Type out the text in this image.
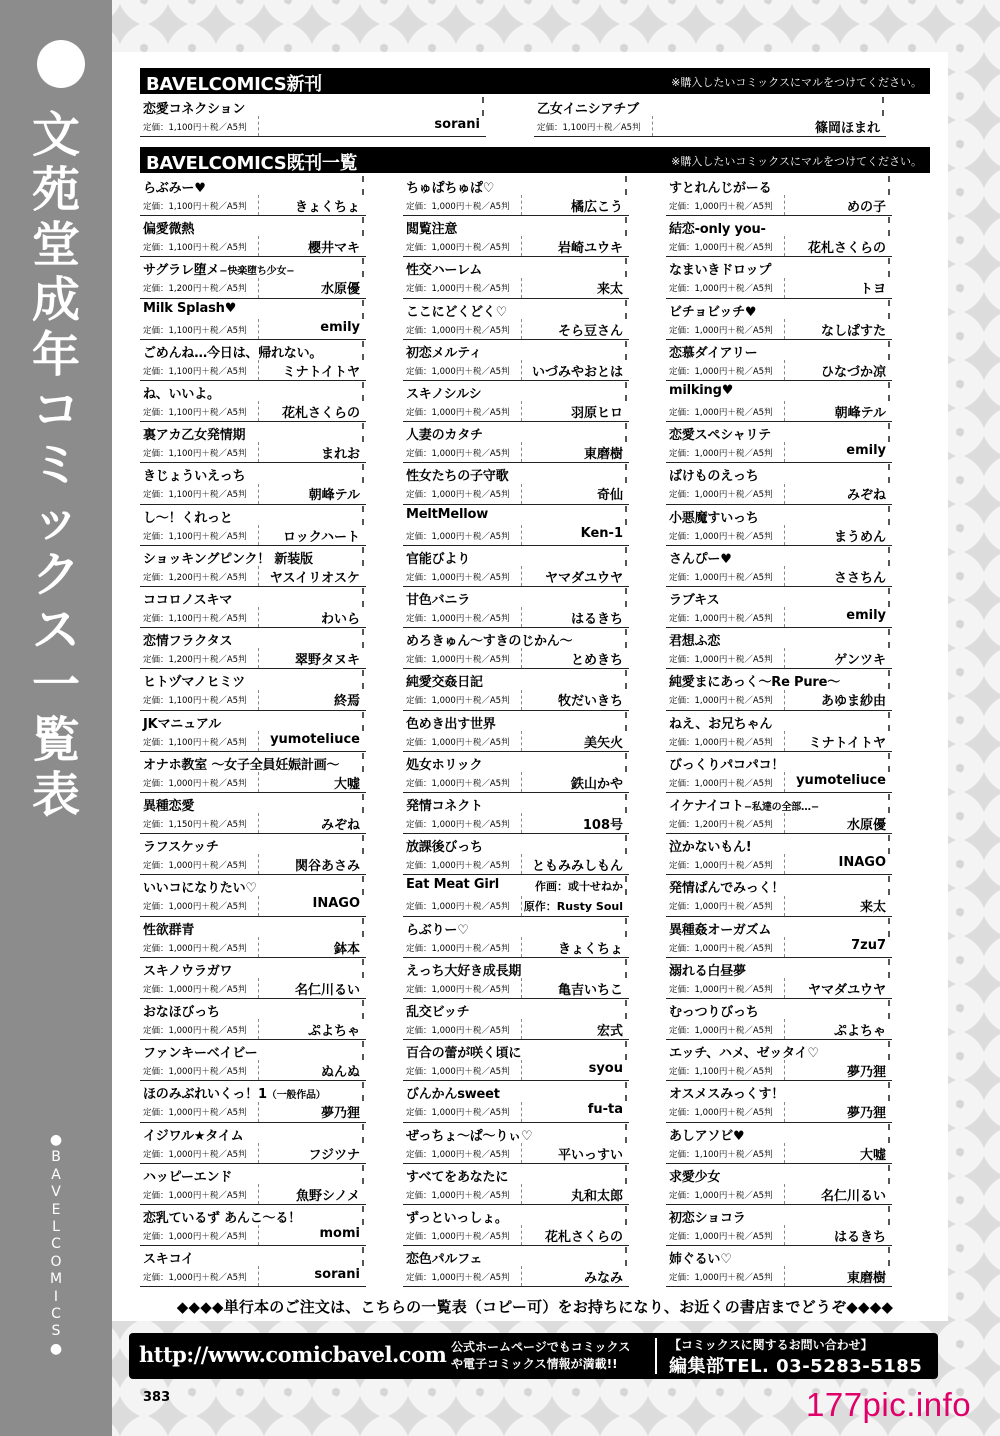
文
苑
堂
成
年
コ
ミ
ッ
ク
ス
一
覧
表
●
B
A
V
E
L
C
O
M
I
C
S
●
BAVELCOMICS新刊	※購入したいコミックスにマルをつけてください。
恋愛コネクション
定価：1,100円＋税／A5判	sorani
乙女イニシアチブ
定価：1,100円＋税／A5判	篠岡ほまれ
BAVELCOMICS既刊一覧	※購入したいコミックスにマルをつけてください。
らぶみー♥
定価：1,100円＋税／A5判	きょくちょ
偏愛微熱
定価：1,100円＋税／A5判	櫻井マキ
サグラレ堕メ−快楽堕ち少女−
定価：1,200円＋税／A5判	水原優
Milk Splash♥
定価：1,100円＋税／A5判	emily
ごめんね…今日は、帰れない。
定価：1,100円＋税／A5判	ミナトイトヤ
ね、いいよ。
定価：1,100円＋税／A5判	花札さくらの
裏アカ乙女発情期
定価：1,100円＋税／A5判	まれお
きじょういえっち
定価：1,100円＋税／A5判	朝峰テル
し〜！くれっと
定価：1,100円＋税／A5判	ロックハート
ショッキングピンク！ 新装版
定価：1,200円＋税／A5判 ヤスイリオスケ
ココロノスキマ
定価：1,100円＋税／A5判	わいら
恋情フラクタス
定価：1,200円＋税／A5判	翠野タヌキ
ヒトヅマノヒミツ
定価：1,100円＋税／A5判	終焉
JKマニュアル
定価：1,100円＋税／A5判 yumoteliuce
オナホ教室 〜女子全員妊娠計画〜
定価：1,000円＋税／A5判	大嘘
異種恋愛
定価：1,150円＋税／A5判	みぞね
ラフスケッチ
定価：1,000円＋税／A5判	関谷あさみ
いいコになりたい♡
定価：1,000円＋税／A5判	INAGO
性欲群青
定価：1,000円＋税／A5判	鉢本
スキノウラガワ
定価：1,000円＋税／A5判	名仁川るい
おなほびっち
定価：1,000円＋税／A5判	ぷよちゃ
ファンキーベイビー
定価：1,000円＋税／A5判	ぬんぬ
ほのみぶれいくっ！1（一般作品）
定価：1,000円＋税／A5判	夢乃狸
イジワル★タイム
定価：1,000円＋税／A5判	フジツナ
ハッピーエンド
定価：1,000円＋税／A5判	魚野シノメ
恋乳ているず あんこ〜る！
定価：1,000円＋税／A5判	momi
スキコイ
定価：1,000円＋税／A5判	sorani
ちゅぱちゅぱ♡
定価：1,000円＋税／A5判	橘広こう
閲覧注意
定価：1,000円＋税／A5判	岩崎ユウキ
性交ハーレム
定価：1,000円＋税／A5判	来太
ここにどくどく♡
定価：1,000円＋税／A5判	そら豆さん
初恋メルティ
定価：1,000円＋税／A5判 いづみやおとは
スキノシルシ
定価：1,000円＋税／A5判	羽原ヒロ
人妻のカタチ
定価：1,000円＋税／A5判	東磨樹
性女たちの子守歌
定価：1,000円＋税／A5判	奇仙
MeltMellow
定価：1,000円＋税／A5判	Ken-1
官能びより
定価：1,000円＋税／A5判	ヤマダユウヤ
甘色バニラ
定価：1,000円＋税／A5判	はるきち
めろきゅん〜すきのじかん〜
定価：1,000円＋税／A5判	とめきち
純愛交姦日記
定価：1,000円＋税／A5判	牧だいきち
色めき出す世界
定価：1,000円＋税／A5判	美矢火
処女ホリック
定価：1,000円＋税／A5判	鉄山かや
発情コネクト
定価：1,000円＋税／A5判	108号
放課後びっち
定価：1,000円＋税／A5判 ともみみしもん
Eat Meat Girl
定価：1,000円＋税／A5判
作画：或十せねか
原作：Rusty Soul
らぶりー♡
定価：1,000円＋税／A5判	きょくちょ
えっち大好き成長期
定価：1,000円＋税／A5判	亀吉いちこ
乱交ビッチ
定価：1,000円＋税／A5判	宏式
百合の蕾が咲く頃に
定価：1,000円＋税／A5判	syou
びんかんsweet
定価：1,000円＋税／A5判	fu-ta
ぜっちょ〜ぱ〜りぃ♡
定価：1,000円＋税／A5判	平いっすい
すべてをあなたに
定価：1,000円＋税／A5判	丸和太郎
ずっといっしょ。
定価：1,000円＋税／A5判	花札さくらの
恋色パルフェ
定価：1,000円＋税／A5判	みなみ
すとれんじがーる
定価：1,000円＋税／A5判	めの子
結恋-only you-
定価：1,000円＋税／A5判	花札さくらの
なまいきドロップ
定価：1,000円＋税／A5判	トヨ
ビチョビッチ♥
定価：1,000円＋税／A5判	なしぱすた
恋慕ダイアリー
定価：1,000円＋税／A5判	ひなづか凉
milking♥
定価：1,000円＋税／A5判	朝峰テル
恋愛スペシャリテ
定価：1,000円＋税／A5判	emily
ばけものえっち
定価：1,000円＋税／A5判	みぞね
小悪魔すいっち
定価：1,000円＋税／A5判	まうめん
さんぴー♥
定価：1,000円＋税／A5判	ささちん
ラブキス
定価：1,000円＋税／A5判	emily
君想ふ恋
定価：1,000円＋税／A5判	ゲンツキ
純愛まにあっく〜Re Pure〜
定価：1,000円＋税／A5判	あゆま紗由
ねえ、お兄ちゃん
定価：1,000円＋税／A5判	ミナトイトヤ
びっくりパコパコ！
定価：1,000円＋税／A5判 yumoteliuce
イケナイコト−私達の全部…−
定価：1,200円＋税／A5判	水原優
泣かないもん!
定価：1,000円＋税／A5判	INAGO
発情ぱんでみっく！
定価：1,000円＋税／A5判	来太
異種姦オーガズム
定価：1,000円＋税／A5判	7zu7
溺れる白昼夢
定価：1,000円＋税／A5判	ヤマダユウヤ
むっつりびっち
定価：1,000円＋税／A5判	ぷよちゃ
エッチ、ハメ、ゼッタイ♡
定価：1,100円＋税／A5判	夢乃狸
オスメスみっくす！
定価：1,000円＋税／A5判	夢乃狸
あしアソビ♥
定価：1,100円＋税／A5判	大嘘
求愛少女
定価：1,000円＋税／A5判	名仁川るい
初恋ショコラ
定価：1,000円＋税／A5判	はるきち
姉ぐるい♡
定価：1,000円＋税／A5判	東磨樹
◆◆◆◆単行本のご注文は、こちらの一覧表（コピー可）をお持ちになり、お近くの書店までどうぞ◆◆◆◆
http://www.comicbavel.com 公式ホームページでもコミックス
や電子コミックス情報が満載!!
【コミックスに関するお問い合わせ】
編集部TEL. 03-5283-5185
383	177pic.info
